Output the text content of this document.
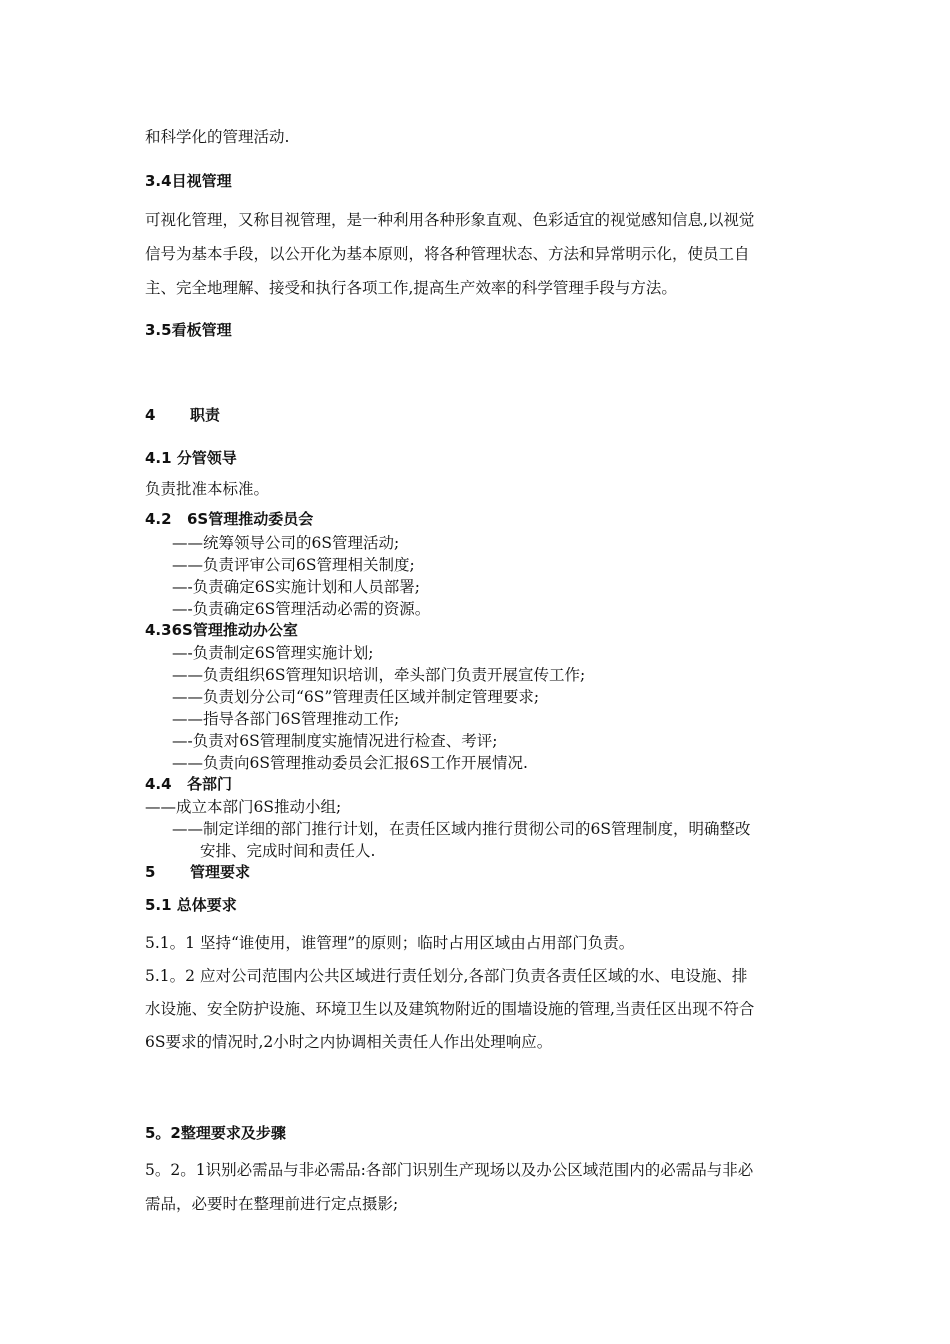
和科学化的管理活动.
3.4目视管理
可视化管理，又称目视管理，是一种利用各种形象直观、色彩适宜的视觉感知信息,以视觉
信号为基本手段，以公开化为基本原则，将各种管理状态、方法和异常明示化，使员工自
主、完全地理解、接受和执行各项工作,提高生产效率的科学管理手段与方法。
3.5看板管理
4 职责
4.1 分管领导
负责批准本标准。
4.2 6S管理推动委员会
——统筹领导公司的6S管理活动;
——负责评审公司6S管理相关制度;
—-负责确定6S实施计划和人员部署;
—-负责确定6S管理活动必需的资源。
4.36S管理推动办公室
—-负责制定6S管理实施计划;
——负责组织6S管理知识培训，牵头部门负责开展宣传工作;
——负责划分公司“6S”管理责任区域并制定管理要求;
——指导各部门6S管理推动工作;
—-负责对6S管理制度实施情况进行检查、考评;
——负责向6S管理推动委员会汇报6S工作开展情况.
4.4 各部门
——成立本部门6S推动小组;
——制定详细的部门推行计划，在责任区域内推行贯彻公司的6S管理制度，明确整改
安排、完成时间和责任人.
5 管理要求
5.1 总体要求
5.1。1 坚持“谁使用，谁管理”的原则；临时占用区域由占用部门负责。
5.1。2 应对公司范围内公共区域进行责任划分,各部门负责各责任区域的水、电设施、排
水设施、安全防护设施、环境卫生以及建筑物附近的围墙设施的管理,当责任区出现不符合
6S要求的情况时,2小时之内协调相关责任人作出处理响应。
5。2整理要求及步骤
5。2。1识别必需品与非必需品:各部门识别生产现场以及办公区域范围内的必需品与非必
需品，必要时在整理前进行定点摄影;
